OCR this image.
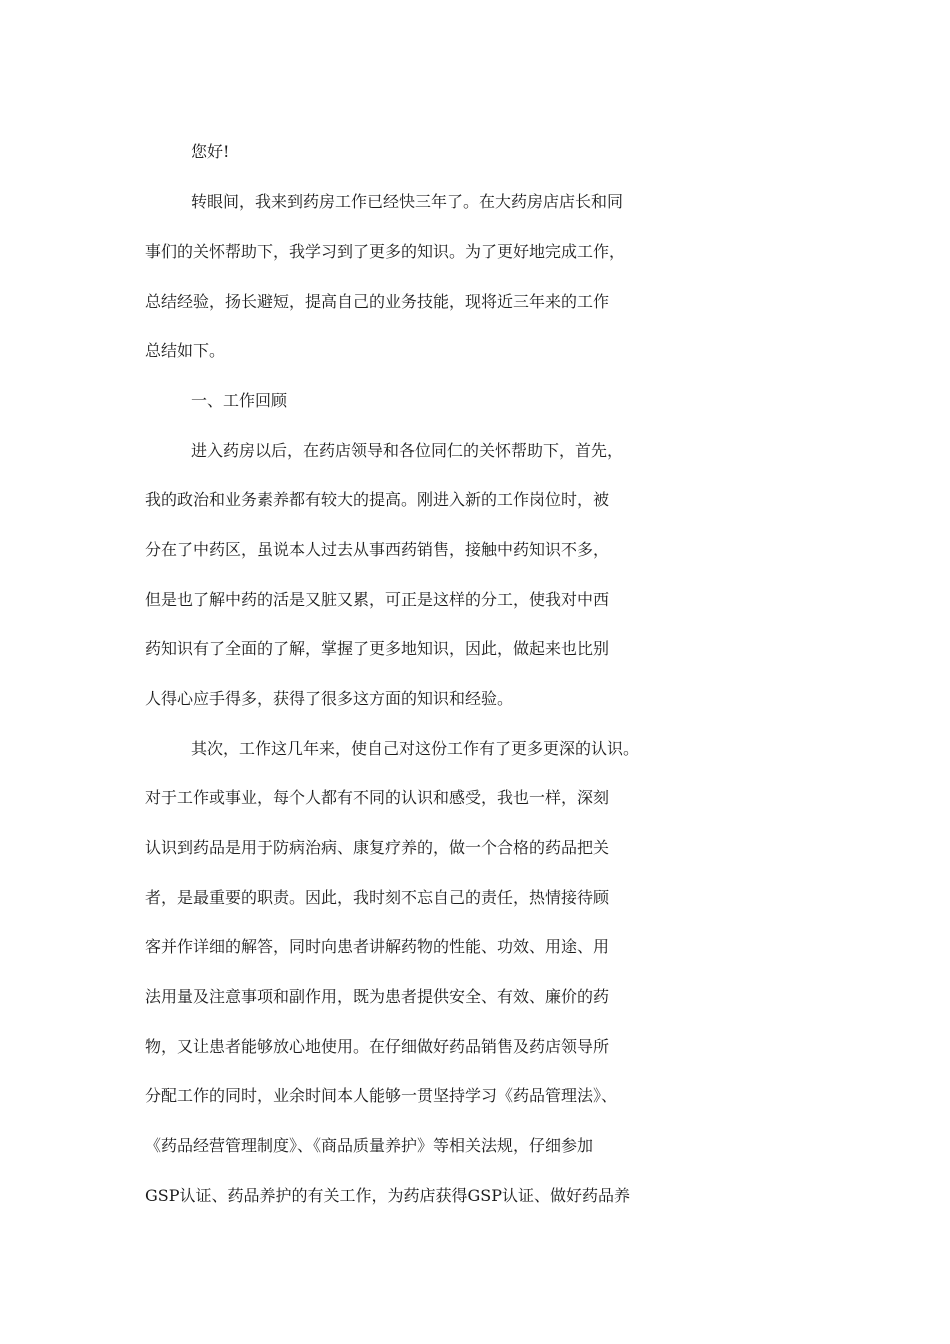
您好!
转眼间，我来到药房工作已经快三年了。在大药房店店长和同
事们的关怀帮助下，我学习到了更多的知识。为了更好地完成工作，
总结经验，扬长避短，提高自己的业务技能，现将近三年来的工作
总结如下。
一、工作回顾
进入药房以后，在药店领导和各位同仁的关怀帮助下，首先，
我的政治和业务素养都有较大的提高。刚进入新的工作岗位时，被
分在了中药区，虽说本人过去从事西药销售，接触中药知识不多，
但是也了解中药的活是又脏又累，可正是这样的分工，使我对中西
药知识有了全面的了解，掌握了更多地知识，因此，做起来也比别
人得心应手得多，获得了很多这方面的知识和经验。
其次，工作这几年来，使自己对这份工作有了更多更深的认识。
对于工作或事业，每个人都有不同的认识和感受，我也一样，深刻
认识到药品是用于防病治病、康复疗养的，做一个合格的药品把关
者，是最重要的职责。因此，我时刻不忘自己的责任，热情接待顾
客并作详细的解答，同时向患者讲解药物的性能、功效、用途、用
法用量及注意事项和副作用，既为患者提供安全、有效、廉价的药
物，又让患者能够放心地使用。在仔细做好药品销售及药店领导所
分配工作的同时，业余时间本人能够一贯坚持学习《药品管理法》、
《药品经营管理制度》、《商品质量养护》等相关法规，仔细参加
GSP认证、药品养护的有关工作，为药店获得GSP认证、做好药品养
